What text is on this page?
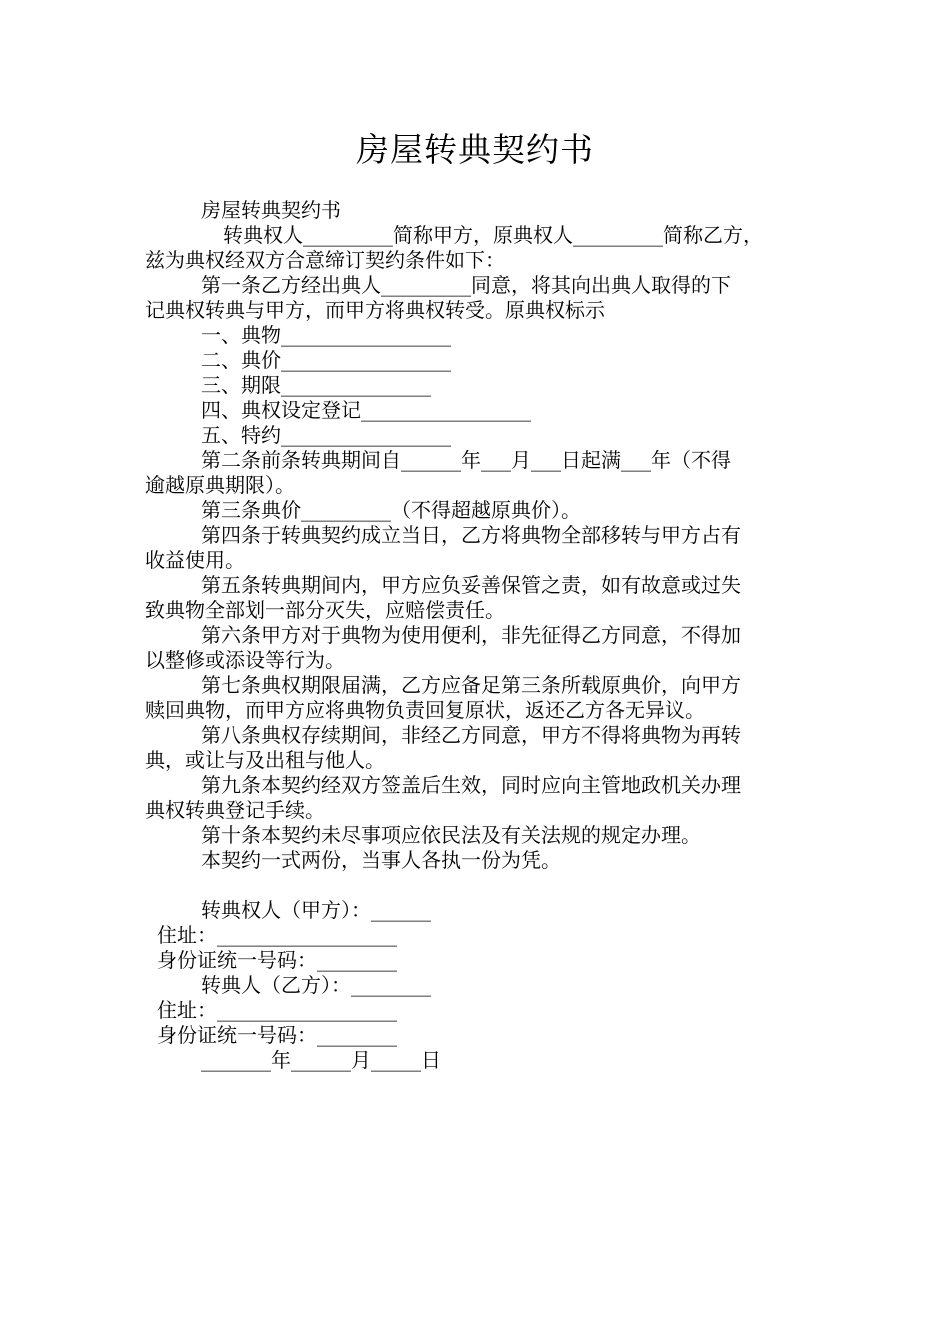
房屋转典契约书

房屋转典契约书

转典权人_________简称甲方，原典权人_________简称乙方，

兹为典权经双方合意缔订契约条件如下：

第一条乙方经出典人_________同意，将其向出典人取得的下

记典权转典与甲方，而甲方将典权转受。原典权标示

一、典物_________________

二、典价_________________

三、期限_______________

四、典权设定登记_________________

五、特约_________________

第二条前条转典期间自______年___月___日起满___年（不得

逾越原典期限）。

第三条典价_________（不得超越原典价）。

第四条于转典契约成立当日，乙方将典物全部移转与甲方占有

收益使用。

第五条转典期间内，甲方应负妥善保管之责，如有故意或过失

致典物全部划一部分灭失，应赔偿责任。

第六条甲方对于典物为使用便利，非先征得乙方同意，不得加

以整修或添设等行为。

第七条典权期限届满，乙方应备足第三条所载原典价，向甲方

赎回典物，而甲方应将典物负责回复原状，返还乙方各无异议。

第八条典权存续期间，非经乙方同意，甲方不得将典物为再转

典，或让与及出租与他人。

第九条本契约经双方签盖后生效，同时应向主管地政机关办理

典权转典登记手续。

第十条本契约未尽事项应依民法及有关法规的规定办理。

本契约一式两份，当事人各执一份为凭。

转典权人（甲方）：______

住址：__________________

身份证统一号码：________

转典人（乙方）：________

住址：__________________

身份证统一号码：________

_______年______月_____日
